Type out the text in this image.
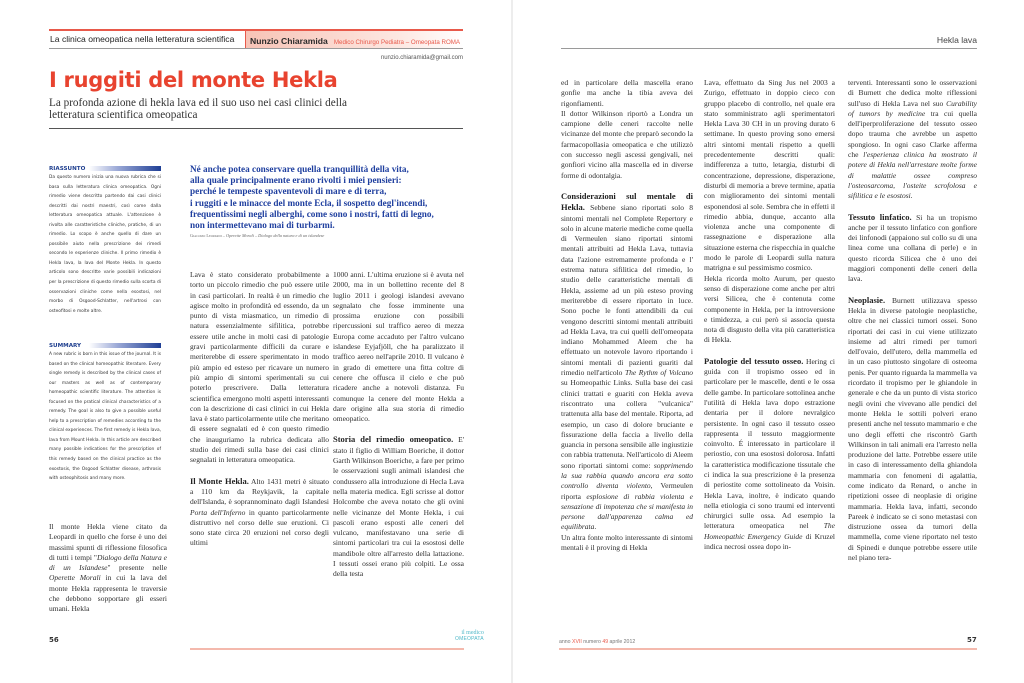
La clinica omeopatica nella letteratura scientifica	Nunzio Chiaramida Medico Chirurgo Pediatra – Omeopata ROMA
nunzio.chiaramida@gmail.com
I ruggiti del monte Hekla
La profonda azione di hekla lava ed il suo uso nei casi clinici della letteratura scientifica omeopatica
RIASSUNTO
Da questo numero inizia una nuova rubrica che si basa sulla letteratura clinica omeopatica. Ogni rimedio viene descritto partendo dai casi clinici descritti dai nostri maestri, così come dalla letteratura omeopatica attuale. L'attenzione è rivolta alle caratteristiche cliniche, pratiche, di un rimedio. Lo scopo è anche quello di dare un possibile aiuto nella prescrizione dei rimedi secondo le esperienze cliniche. Il primo rimedio è Hekla lava, la lava del Monte Hekla. In questo articolo sono descritte varie possibili indicazioni per la prescrizione di questo rimedio sulla scorta di osservazioni cliniche come nella esostosi, nel morbo di Osgood-Schlatter, nell'artrosi con osteofitosi e molte altre.
SUMMARY
A new rubric is born in this issue of the journal. It is based on the clinical homeopathic literature. Every single remedy is described by the clinical cases of our masters as well as of contemporary homeopathic scientific literature. The attention is focused on the pratical clinical characteristics of a remedy. The goal is also to give a possible useful help to a prescription of remedies according to the clinical experiences. The first remedy is Hekla lava, lava from Mount Hekla. In this article are described many possible indications for the prescription of this remedy based on the clinical practice as the exostosis, the Osgood Schlatter disease, arthrosis with osteophitosis and many more.
Né anche potea conservare quella tranquillità della vita,
alla quale principalmente erano rivolti i miei pensieri:
perché le tempeste spaventevoli di mare e di terra,
i ruggiti e le minacce del monte Ecla, il sospetto degl'incendi,
frequentissimi negli alberghi, come sono i nostri, fatti di legno,
non intermettevano mai di turbarmi.
Giacomo Leopardi – Operette Morali – Dialogo della natura e di un islandese

Il monte Hekla viene citato da Leopardi in quello che forse è uno dei massimi spunti di riflessione filosofica di tutti i tempi "Dialogo della Natura e di un Islandese" presente nelle Operette Morali in cui la lava del monte Hekla rappresenta le traversie che debbono sopportare gli esseri umani. Hekla

Lava è stato considerato probabilmente a torto un piccolo rimedio che può essere utile in casi particolari. In realtà è un rimedio che agisce molto in profondità ed essendo, da un punto di vista miasmatico, un rimedio di natura essenzialmente sifilitica, potrebbe essere utile anche in molti casi di patologie gravi particolarmente difficili da curare e meriterebbe di essere sperimentato in modo più ampio ed esteso per ricavare un numero più ampio di sintomi sperimentali su cui poterlo prescrivere. Dalla letteratura scientifica emergono molti aspetti interessanti con la descrizione di casi clinici in cui Hekla lava è stato particolarmente utile che meritano di essere segnalati ed è con questo rimedio che inauguriamo la rubrica dedicata allo studio dei rimedi sulla base dei casi clinici segnalati in letteratura omeopatica.

Il Monte Hekla. Alto 1431 metri è situato a 110 km da Reykjavik, la capitale dell'Islanda, è soprannominato dagli Islandesi Porta dell'Inferno in quanto particolarmente distruttivo nel corso delle sue eruzioni. Ci sono state circa 20 eruzioni nel corso degli ultimi

1000 anni. L'ultima eruzione si è avuta nel 2000, ma in un bollettino recente del 8 luglio 2011 i geologi islandesi avevano segnalato che fosse imminente una prossima eruzione con possibili ripercussioni sul traffico aereo di mezza Europa come accaduto per l'altro vulcano islandese Eyjafjöll, che ha paralizzato il traffico aereo nell'aprile 2010. Il vulcano è in grado di emettere una fitta coltre di cenere che offusca il cielo e che può ricadere anche a notevoli distanza. Fu comunque la cenere del monte Hekla a dare origine alla sua storia di rimedio omeopatico.

Storia del rimedio omeopatico. E' stato il figlio di William Boeriche, il dottor Garth Wilkinson Boeriche, a fare per primo le osservazioni sugli animali islandesi che condussero alla introduzione di Hecla Lava nella materia medica. Egli scrisse al dottor Holcombe che aveva notato che gli ovini nelle vicinanze del Monte Hekla, i cui pascoli erano esposti alle ceneri del vulcano, manifestavano una serie di sintomi particolari tra cui la esostosi delle mandibole oltre all'arresto della lattazione. I tessuti ossei erano più colpiti. Le ossa della testa

56
il medico
OMEOPATA
Hekla lava

ed in particolare della mascella erano gonfie ma anche la tibia aveva dei rigonfiamenti.

Il dottor Wilkinson riportò a Londra un campione delle ceneri raccolte nelle vicinanze del monte che preparò secondo la farmacopollasia omeopatica e che utilizzò con successo negli ascessi gengivali, nei gonfiori vicino alla mascella ed in diverse forme di odontalgia.

Considerazioni sul mentale di Hekla. Sebbene siano riportati solo 8 sintomi mentali nel Complete Repertory e solo in alcune materie mediche come quella di Vermeulen siano riportati sintomi mentali attribuiti ad Hekla Lava, tuttavia data l'azione estremamente profonda e l' estrema natura sifilitica del rimedio, lo studio delle caratteristiche mentali di Hekla, assieme ad un più esteso proving meriterebbe di essere riportato in luce. Sono poche le fonti attendibili da cui vengono descritti sintomi mentali attribuiti ad Hekla Lava, tra cui quelli dell'omeopata indiano Mohammed Aleem che ha effettuato un notevole lavoro riportando i sintomi mentali di pazienti guariti dal rimedio nell'articolo The Rythm of Volcano su Homeopathic Links. Sulla base dei casi clinici trattati e guariti con Hekla aveva riscontrato una collera "vulcanica" trattenuta alla base del mentale. Riporta, ad esempio, un caso di dolore bruciante e fissurazione della faccia a livello della guancia in persona sensibile alle ingiustizie con rabbia trattenuta. Nell'articolo di Aleem sono riportati sintomi come: sopprimendo la sua rabbia quando ancora era sotto controllo diventa violento, Vermeulen riporta esplosione di rabbia violenta e sensazione di impotenza che si manifesta in persone dall'apparenza calma ed equilibrata.

Un altra fonte molto interessante di sintomi mentali è il proving di Hekla

Lava, effettuato da Sing Jus nel 2003 a Zurigo, effettuato in doppio cieco con gruppo placebo di controllo, nel quale era stato somministrato agli sperimentatori Hekla Lava 30 CH in un proving durato 6 settimane. In questo proving sono emersi altri sintomi mentali rispetto a quelli precedentemente descritti quali: indifferenza a tutto, letargia, disturbi di concentrazione, depressione, disperazione, disturbi di memoria a breve termine, apatia con miglioramento dei sintomi mentali esponendosi al sole. Sembra che in effetti il rimedio abbia, dunque, accanto alla violenza anche una componente di rassegnazione e disperazione alla situazione esterna che rispecchia in qualche modo le parole di Leopardi sulla natura matrigna e sul pessimismo cosmico.

Hekla ricorda molto Aurum, per questo senso di disperazione come anche per altri versi Silicea, che è contenuta come componente in Hekla, per la introversione e timidezza, a cui però si associa questa nota di disgusto della vita più caratteristica di Hekla.

Patologie del tessuto osseo. Hering ci guida con il tropismo osseo ed in particolare per le mascelle, denti e le ossa delle gambe. In particolare sottolinea anche l'utilità di Hekla lava dopo estrazione dentaria per il dolore nevralgico persistente. In ogni caso il tessuto osseo rappresenta il tessuto maggiormente coinvolto. É interessato in particolare il periostio, con una esostosi dolorosa. Infatti la caratteristica modificazione tissutale che ci indica la sua prescrizione è la presenza di periostite come sottolineato da Voisin. Hekla Lava, inoltre, è indicato quando nella etiologia ci sono traumi ed interventi chirurgici sulle ossa. Ad esempio la letteratura omeopatica nel The Homeopathic Emergency Guide di Kruzel indica necrosi ossea dopo in-

terventi. Interessanti sono le osservazioni di Burnett che dedica molte riflessioni sull'uso di Hekla Lava nel suo Curability of tumors by medicine tra cui quella dell'iperproliferazione del tessuto osseo dopo trauma che avrebbe un aspetto spongioso. In ogni caso Clarke afferma che l'esperienza clinica ha mostrato il potere di Hekla nell'arrestare molte forme di malattie ossee compreso l'osteosarcoma, l'osteite scrofolosa e sifilitica e le esostosi.

Tessuto linfatico. Si ha un tropismo anche per il tessuto linfatico con gonfiore dei linfonodi (appaiono sul collo su di una linea come una collana di perle) e in questo ricorda Silicea che è uno dei maggiori componenti delle ceneri della lava.

Neoplasie. Burnett utilizzava spesso Hekla in diverse patologie neoplastiche, oltre che nei classici tumori ossei. Sono riportati dei casi in cui viene utilizzato insieme ad altri rimedi per tumori dell'ovaio, dell'utero, della mammella ed in un caso piuttosto singolare di osteoma penis. Per quanto riguarda la mammella va ricordato il tropismo per le ghiandole in generale e che da un punto di vista storico negli ovini che vivevano alle pendici del monte Hekla le sottili polveri erano presenti anche nel tessuto mammario e che uno degli effetti che riscontrò Garth Wilkinson in tali animali era l'arresto nella produzione del latte. Potrebbe essere utile in caso di interessamento della ghiandola mammaria con fenomeni di agalattia, come indicato da Renard, o anche in ripetizioni ossee di neoplasie di origine mammaria. Hekla lava, infatti, secondo Pareek è indicato se ci sono metastasi con distruzione ossea da tumori della mammella, come viene riportato nel testo di Spinedi e dunque potrebbe essere utile nel piano tera-

anno XVII numero 49 aprile 2012	57
